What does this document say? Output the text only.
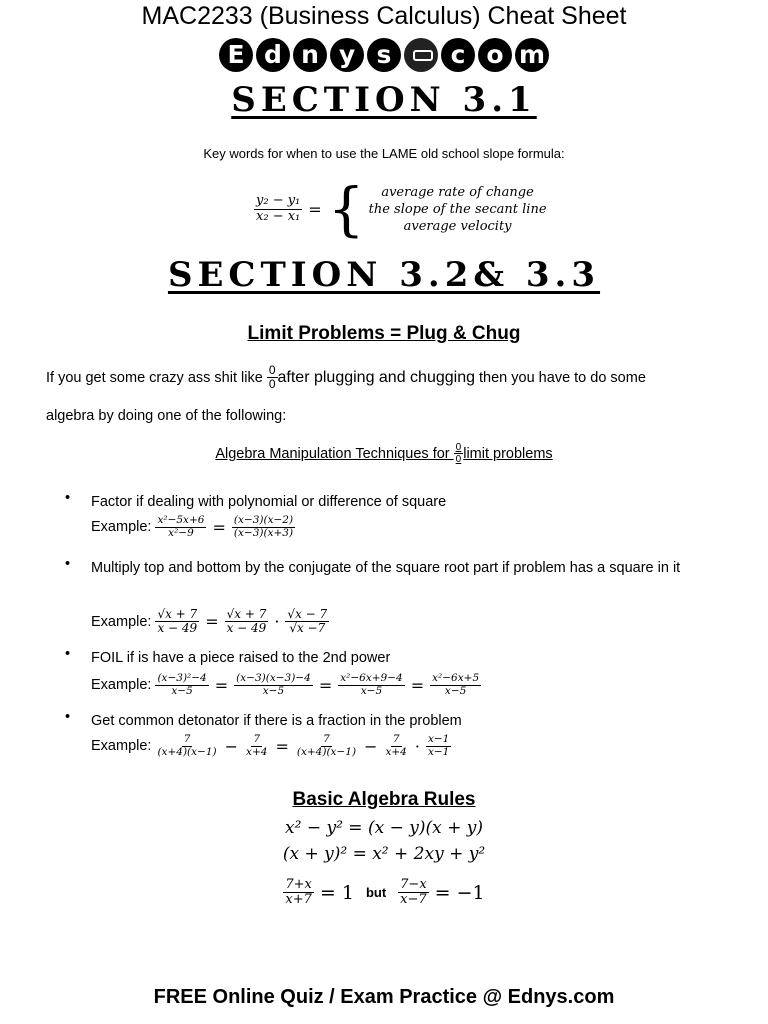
MAC2233 (Business Calculus) Cheat Sheet
E d n y s	c o m
SECTION 3.1
Key words for when to use the LAME old school slope formula:
$\frac{\text{y₂ − y₁}}{\text{x₂ − x₁}}$ = { average rate of change
the slope of the secant line
average velocity
SECTION 3.2& 3.3
Limit Problems = Plug & Chug
If you get some crazy ass shit like $\frac{0}{0}$ after plugging and chugging then you have to do some
algebra by doing one of the following:
Algebra Manipulation Techniques for $\frac{0}{0}$ limit problems
• Factor if dealing with polynomial or difference of square
Example: $\frac{\text{x²−5x+6}}{\text{x²−9}} = \frac{(x-3)(x-2)}{(x-3)(x+3)}$
• Multiply top and bottom by the conjugate of the square root part if problem has a square in it
Example: $\frac{√x + 7}{x - 49} = \frac{√x + 7}{x - 49} \cdot \frac{√x - 7}{√x -7}$
• FOIL if is have a piece raised to the 2nd power
Example: $\frac{\text{(x−3)²−4}}{x-5} = \frac{(x-3)(x-3)-4}{x-5} = \frac{\text{x²−6x+9−4}}{x-5} = \frac{\text{x²−6x+5}}{x-5}$
• Get common detonator if there is a fraction in the problem
Example: $\frac{7}{(x+4)(x-1)} - \frac{7}{x+4} = \frac{7}{(x+4)(x-1)} - \frac{7}{x+4} \cdot \frac{x-1}{x-1}$
Basic Algebra Rules
x² − y² = (x − y)(x + y)
(x + y)² = x² + 2xy + y²
$\frac{7+x}{x+7} = 1$ but $\frac{7-x}{x-7} = -1$
FREE Online Quiz / Exam Practice @ Ednys.com
